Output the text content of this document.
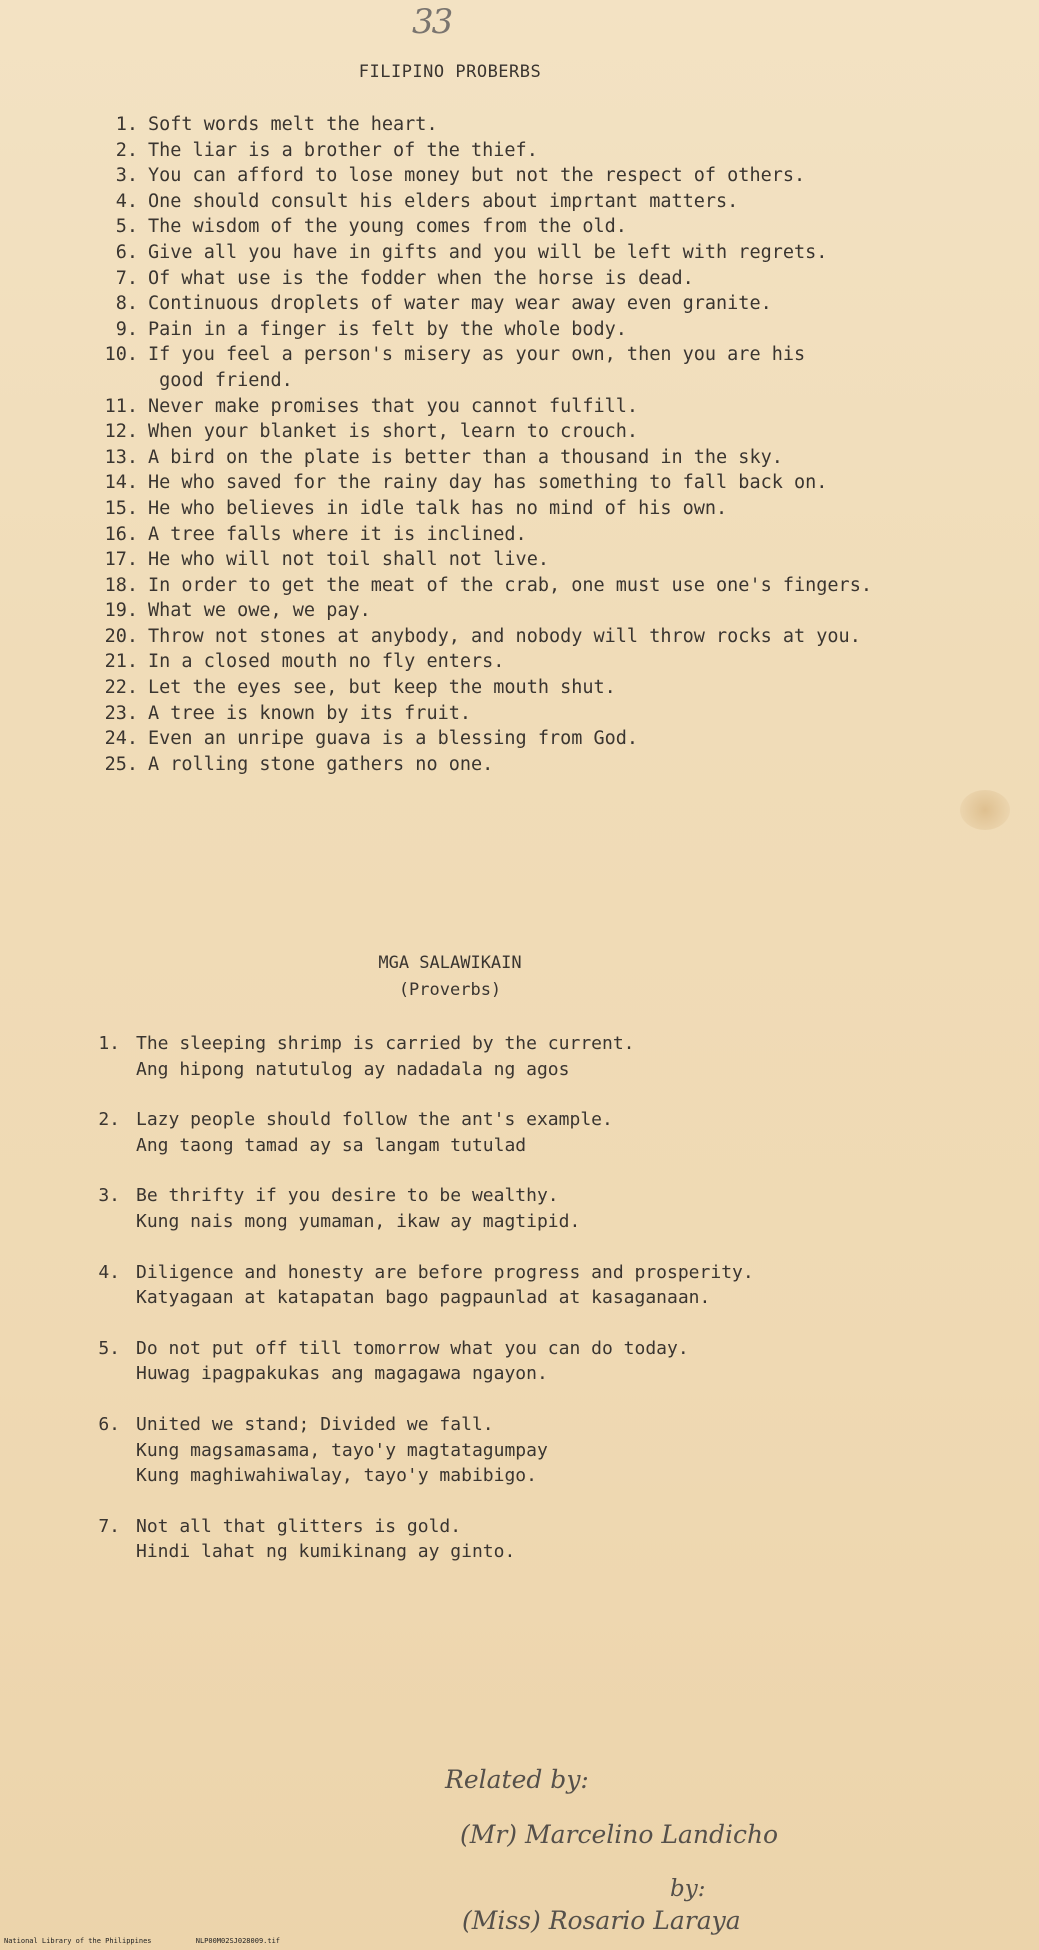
33
FILIPINO PROBERBS
1. Soft words melt the heart.
2. The liar is a brother of the thief.
3. You can afford to lose money but not the respect of others.
4. One should consult his elders about imprtant matters.
5. The wisdom of the young comes from the old.
6. Give all you have in gifts and you will be left with regrets.
7. Of what use is the fodder when the horse is dead.
8. Continuous droplets of water may wear away even granite.
9. Pain in a finger is felt by the whole body.
10. If you feel a person's misery as your own, then you are his
good friend.
11. Never make promises that you cannot fulfill.
12. When your blanket is short, learn to crouch.
13. A bird on the plate is better than a thousand in the sky.
14. He who saved for the rainy day has something to fall back on.
15. He who believes in idle talk has no mind of his own.
16. A tree falls where it is inclined.
17. He who will not toil shall not live.
18. In order to get the meat of the crab, one must use one's fingers.
19. What we owe, we pay.
20. Throw not stones at anybody, and nobody will throw rocks at you.
21. In a closed mouth no fly enters.
22. Let the eyes see, but keep the mouth shut.
23. A tree is known by its fruit.
24. Even an unripe guava is a blessing from God.
25. A rolling stone gathers no one.
MGA SALAWIKAIN
(Proverbs)
1. The sleeping shrimp is carried by the current.
Ang hipong natutulog ay nadadala ng agos
2. Lazy people should follow the ant's example.
Ang taong tamad ay sa langam tutulad
3. Be thrifty if you desire to be wealthy.
Kung nais mong yumaman, ikaw ay magtipid.
4. Diligence and honesty are before progress and prosperity.
Katyagaan at katapatan bago pagpaunlad at kasaganaan.
5. Do not put off till tomorrow what you can do today.
Huwag ipagpakukas ang magagawa ngayon.
6. United we stand; Divided we fall.
Kung magsamasama, tayo'y magtatagumpay
Kung maghiwahiwalay, tayo'y mabibigo.
7. Not all that glitters is gold.
Hindi lahat ng kumikinang ay ginto.
Related by:
(Mr) Marcelino Landicho
by:
(Miss) Rosario Laraya
National Library of the Philippines	NLP00M02SJ028009.tif
